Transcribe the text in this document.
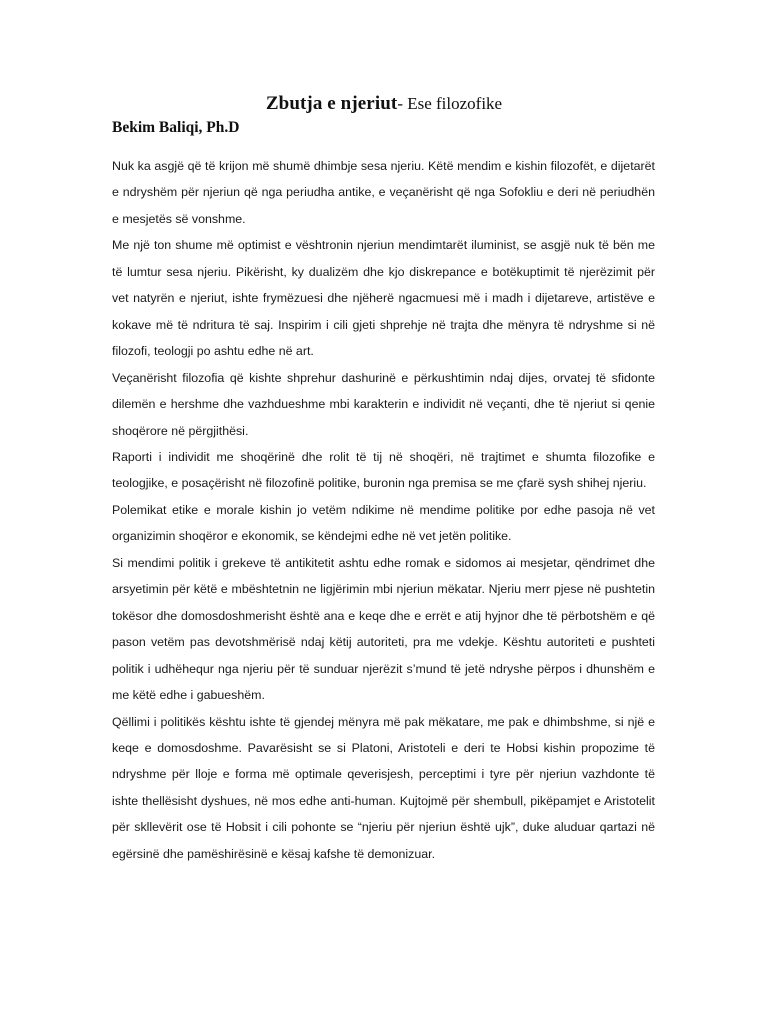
Zbutja e njeriut- Ese filozofike
Bekim Baliqi, Ph.D

Nuk ka asgjë që të krijon më shumë dhimbje sesa njeriu. Këtë mendim e kishin filozofët, e dijetarët e ndryshëm për njeriun që nga periudha antike, e veçanërisht që nga Sofokliu e deri në periudhën e mesjetës së vonshme.

Me një ton shume më optimist e vështronin njeriun mendimtarët iluminist, se asgjë nuk të bën me të lumtur sesa njeriu. Pikërisht, ky dualizëm dhe kjo diskrepance e botëkuptimit të njerëzimit për vet natyrën e njeriut, ishte frymëzuesi dhe njëherë ngacmuesi më i madh i dijetareve, artistëve e kokave më të ndritura të saj. Inspirim i cili gjeti shprehje në trajta dhe mënyra të ndryshme si në filozofi, teologji po ashtu edhe në art.

Veçanërisht filozofia që kishte shprehur dashurinë e përkushtimin ndaj dijes, orvatej të sfidonte dilemën e hershme dhe vazhdueshme mbi karakterin e individit në veçanti, dhe të njeriut si qenie shoqërore në përgjithësi.

Raporti i individit me shoqërinë dhe rolit të tij në shoqëri, në trajtimet e shumta filozofike e teologjike, e posaçërisht në filozofinë politike, buronin nga premisa se me çfarë sysh shihej njeriu.

Polemikat etike e morale kishin jo vetëm ndikime në mendime politike por edhe pasoja në vet organizimin shoqëror e ekonomik, se këndejmi edhe në vet jetën politike.

Si mendimi politik i grekeve të antikitetit ashtu edhe romak e sidomos ai mesjetar, qëndrimet dhe arsyetimin për këtë e mbështetnin ne ligjërimin mbi njeriun mëkatar. Njeriu merr pjese në pushtetin tokësor dhe domosdoshmerisht është ana e keqe dhe e errët e atij hyjnor dhe të përbotshëm e që pason vetëm pas devotshmërisë ndaj këtij autoriteti, pra me vdekje. Kështu autoriteti e pushteti politik i udhëhequr nga njeriu për të sunduar njerëzit s’mund të jetë ndryshe përpos i dhunshëm e me këtë edhe i gabueshëm.

Qëllimi i politikës kështu ishte të gjendej mënyra më pak mëkatare, me pak e dhimbshme, si një e keqe e domosdoshme. Pavarësisht se si Platoni, Aristoteli e deri te Hobsi kishin propozime të ndryshme për lloje e forma më optimale qeverisjesh, perceptimi i tyre për njeriun vazhdonte të ishte thellësisht dyshues, në mos edhe anti-human. Kujtojmë për shembull, pikëpamjet e Aristotelit për skllevërit ose të Hobsit i cili pohonte se “njeriu për njeriun është ujk”, duke aluduar qartazi në egërsinë dhe pamëshirësinë e kësaj kafshe të demonizuar.
